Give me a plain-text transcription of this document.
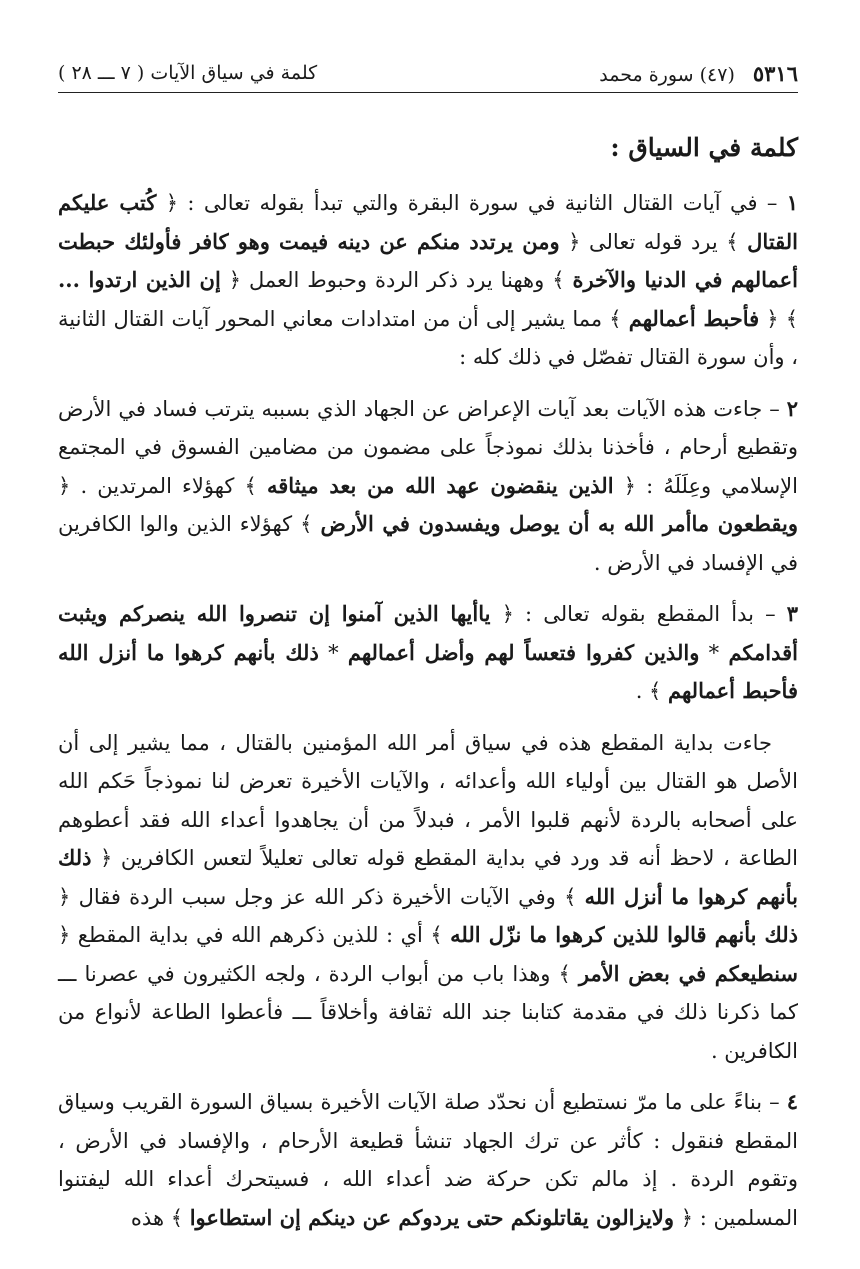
٥٣١٦
(٤٧) سورة محمد
كلمة في سياق الآيات ( ٧ ـــ ٢٨ )
كلمة في السياق :
١ – في آيات القتال الثانية في سورة البقرة والتي تبدأ بقوله تعالى : ﴿ كُتب عليكم القتال ﴾ يرد قوله تعالى ﴿ ومن يرتدد منكم عن دينه فيمت وهو كافر فأولئك حبطت أعمالهم في الدنيا والآخرة ﴾ وههنا يرد ذكر الردة وحبوط العمل ﴿ إن الذين ارتدوا ... ﴾ ﴿ فأحبط أعمالهم ﴾ مما يشير إلى أن من امتدادات معاني المحور آيات القتال الثانية ، وأن سورة القتال تفصّل في ذلك كله :
٢ – جاءت هذه الآيات بعد آيات الإعراض عن الجهاد الذي بسببه يترتب فساد في الأرض وتقطيع أرحام ، فأخذنا بذلك نموذجاً على مضمون من مضامين الفسوق في المجتمع الإسلامي وعِلَلَهُ : ﴿ الذين ينقضون عهد الله من بعد ميثاقه ﴾ كهؤلاء المرتدين . ﴿ ويقطعون ماأمر الله به أن يوصل ويفسدون في الأرض ﴾ كهؤلاء الذين والوا الكافرين في الإفساد في الأرض .
٣ – بدأ المقطع بقوله تعالى : ﴿ ياأيها الذين آمنوا إن تنصروا الله ينصركم ويثبت أقدامكم * والذين كفروا فتعساً لهم وأضل أعمالهم * ذلك بأنهم كرهوا ما أنزل الله فأحبط أعمالهم ﴾ .
جاءت بداية المقطع هذه في سياق أمر الله المؤمنين بالقتال ، مما يشير إلى أن الأصل هو القتال بين أولياء الله وأعدائه ، والآيات الأخيرة تعرض لنا نموذجاً حَكم الله على أصحابه بالردة لأنهم قلبوا الأمر ، فبدلاً من أن يجاهدوا أعداء الله فقد أعطوهم الطاعة ، لاحظ أنه قد ورد في بداية المقطع قوله تعالى تعليلاً لتعس الكافرين ﴿ ذلك بأنهم كرهوا ما أنزل الله ﴾ وفي الآيات الأخيرة ذكر الله عز وجل سبب الردة فقال ﴿ ذلك بأنهم قالوا للذين كرهوا ما نزّل الله ﴾ أي : للذين ذكرهم الله في بداية المقطع ﴿ سنطيعكم في بعض الأمر ﴾ وهذا باب من أبواب الردة ، ولجه الكثيرون في عصرنا ـــ كما ذكرنا ذلك في مقدمة كتابنا جند الله ثقافة وأخلاقاً ـــ فأعطوا الطاعة لأنواع من الكافرين .
٤ – بناءً على ما مرّ نستطيع أن نحدّد صلة الآيات الأخيرة بسياق السورة القريب وسياق المقطع فنقول : كأثر عن ترك الجهاد تنشأ قطيعة الأرحام ، والإفساد في الأرض ، وتقوم الردة . إذ مالم تكن حركة ضد أعداء الله ، فسيتحرك أعداء الله ليفتنوا المسلمين : ﴿ ولايزالون يقاتلونكم حتى يردوكم عن دينكم إن استطاعوا ﴾ هذه
